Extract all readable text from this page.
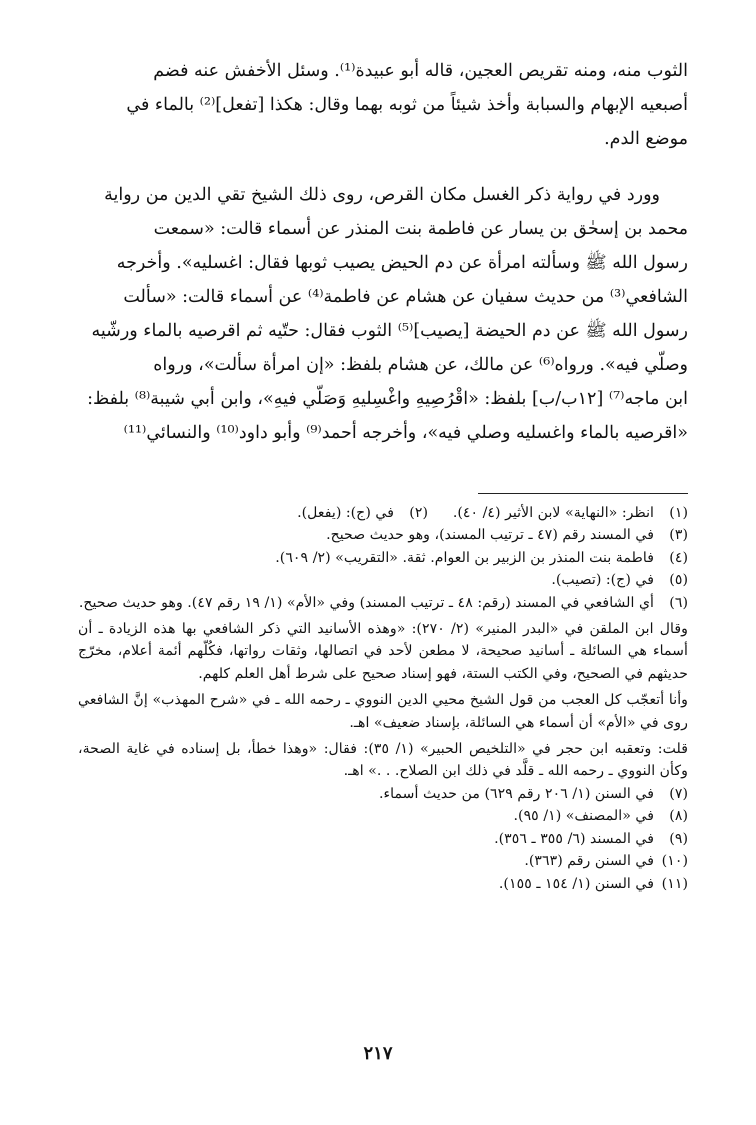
الثوب منه، ومنه تقريص العجين، قاله أبو عبيدة⁽¹⁾. وسئل الأخفش عنه فضم

أصبعيه الإبهام والسبابة وأخذ شيئاً من ثوبه بهما وقال: هكذا [تفعل]⁽²⁾ بالماء في

موضع الدم.

وورد في رواية ذكر الغسل مكان القرص، روى ذلك الشيخ تقي الدين من رواية

محمد بن إسحٰق بن يسار عن فاطمة بنت المنذر عن أسماء قالت: «سمعت

رسول الله ﷺ وسألته امرأة عن دم الحيض يصيب ثوبها فقال: اغسليه». وأخرجه

الشافعي⁽³⁾ من حديث سفيان عن هشام عن فاطمة⁽⁴⁾ عن أسماء قالت: «سألت

رسول الله ﷺ عن دم الحيضة [يصيب]⁽⁵⁾ الثوب فقال: حتّيه ثم اقرصيه بالماء ورشّيه

وصلّي فيه». ورواه⁽⁶⁾ عن مالك، عن هشام بلفظ: «إن امرأة سألت»، ورواه

ابن ماجه⁽⁷⁾ [١٢ب/ب] بلفظ: «اقْرُصِيهِ واغْسِليهِ وَصَلّي فيهِ»، وابن أبي شيبة⁽⁸⁾ بلفظ:

«اقرصيه بالماء واغسليه وصلي فيه»، وأخرجه أحمد⁽⁹⁾ وأبو داود⁽¹⁰⁾ والنسائي⁽¹¹⁾

(١)
انظر: «النهاية» لابن الأثير (٤/ ٤٠).
(٢)
في (ج): (يفعل).
(٣)
في المسند رقم (٤٧ ـ ترتيب المسند)، وهو حديث صحيح.
(٤)
فاطمة بنت المنذر بن الزبير بن العوام. ثقة. «التقريب» (٢/ ٦٠٩).
(٥)
في (ج): (تصيب).
(٦)
أي الشافعي في المسند (رقم: ٤٨ ـ ترتيب المسند) وفي «الأم» (١/ ١٩ رقم ٤٧). وهو حديث صحيح.
وقال ابن الملقن في «البدر المنير» (٢/ ٢٧٠): «وهذه الأسانيد التي ذكر الشافعي بها هذه الزيادة ـ أن أسماء هي السائلة ـ أسانيد صحيحة، لا مطعن لأحد في اتصالها، وثقات رواتها، فكُلّهم أئمة أعلام، مخرّج حديثهم في الصحيح، وفي الكتب الستة، فهو إسناد صحيح على شرط أهل العلم كلهم.
وأنا أتعجّب كل العجب من قول الشيخ محيي الدين النووي ـ رحمه الله ـ في «شرح المهذب» إنَّ الشافعي روى في «الأم» أن أسماء هي السائلة، بإسناد ضعيف» اهـ.
قلت: وتعقبه ابن حجر في «التلخيص الحبير» (١/ ٣٥): فقال: «وهذا خطأ، بل إسناده في غاية الصحة، وكأن النووي ـ رحمه الله ـ قلَّد في ذلك ابن الصلاح. . .» اهـ.
(٧)
في السنن (١/ ٢٠٦ رقم ٦٢٩) من حديث أسماء.
(٨)
في «المصنف» (١/ ٩٥).
(٩)
في المسند (٦/ ٣٥٥ ـ ٣٥٦).
(١٠)
في السنن رقم (٣٦٣).
(١١)
في السنن (١/ ١٥٤ ـ ١٥٥).
٢١٧
